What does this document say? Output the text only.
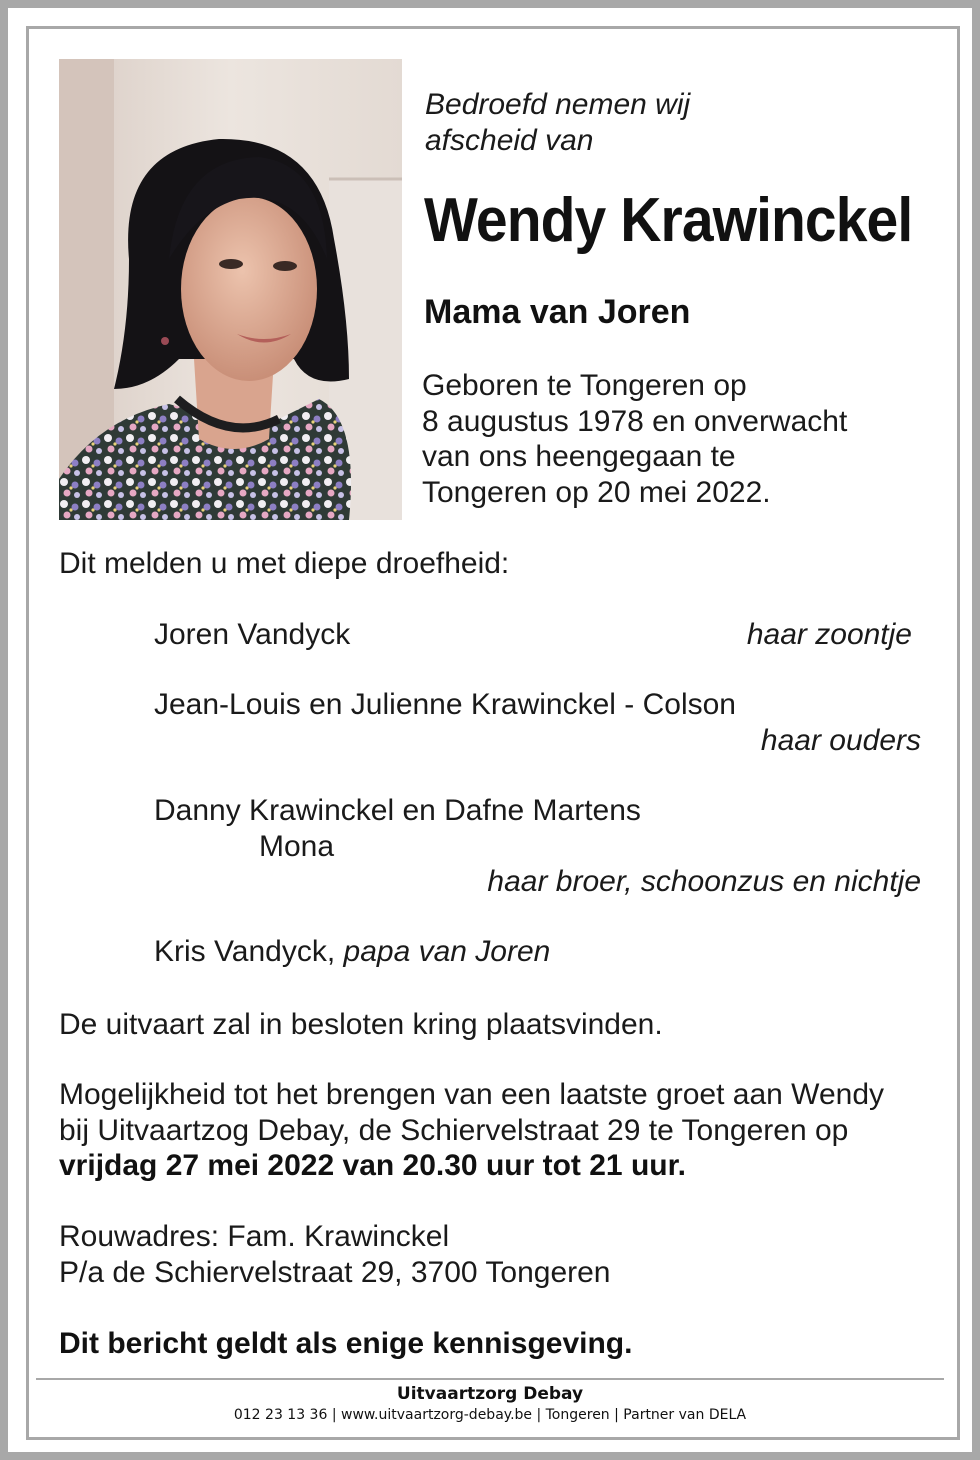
Bedroefd nemen wij
afscheid van
Wendy Krawinckel
Mama van Joren
Geboren te Tongeren op
8 augustus 1978 en onverwacht
van ons heengegaan te
Tongeren op 20 mei 2022.
Dit melden u met diepe droefheid:
Joren Vandyck	haar zoontje
Jean-Louis en Julienne Krawinckel - Colson
haar ouders
Danny Krawinckel en Dafne Martens
Mona
haar broer, schoonzus en nichtje
Kris Vandyck, papa van Joren
De uitvaart zal in besloten kring plaatsvinden.
Mogelijkheid tot het brengen van een laatste groet aan Wendy
bij Uitvaartzog Debay, de Schiervelstraat 29 te Tongeren op
vrijdag 27 mei 2022 van 20.30 uur tot 21 uur.
Rouwadres: Fam. Krawinckel
P/a de Schiervelstraat 29, 3700 Tongeren
Dit bericht geldt als enige kennisgeving.
Uitvaartzorg Debay
012 23 13 36 | www.uitvaartzorg-debay.be | Tongeren | Partner van DELA
